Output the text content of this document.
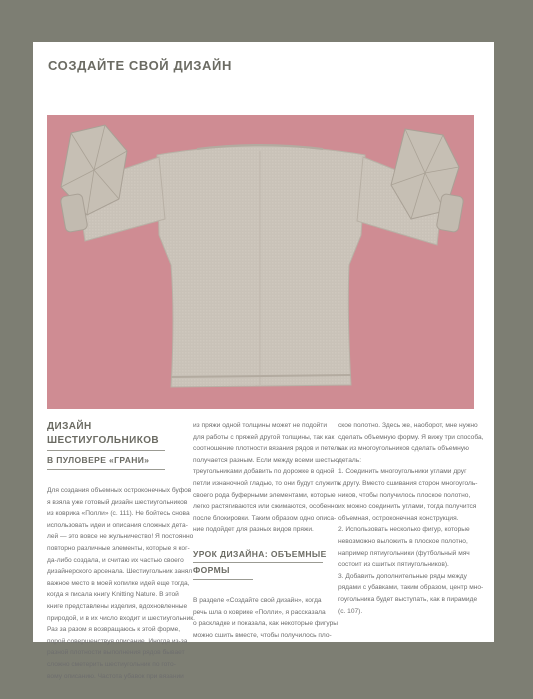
СОЗДАЙТЕ СВОЙ ДИЗАЙН
ДИЗАЙН ШЕСТИУГОЛЬНИКОВ
В ПУЛОВЕРЕ «ГРАНИ»
Для создания объемных остроконечных буфов
я взяла уже готовый дизайн шестиугольников
из коврика «Полли» (с. 111). Не бойтесь снова
использовать идеи и описания сложных дета-
лей — это вовсе не жульничество! Я постоянно
повторно различные элементы, которые я ког-
да-либо создала, и считаю их частью своего
дизайнерского арсенала. Шестиугольник занял
важное место в моей копилке идей еще тогда,
когда я писала книгу Knitting Nature. В этой
книге представлены изделия, вдохновленные
природой, и в их число входит и шестиугольник.
Раз за разом я возвращаюсь к этой форме,
порой совершенствуя описание. Иногда из-за
разной плотности выполнения рядов бывает
сложно сметерить шестиугольник по гото-
вому описанию. Частота убавок при вязании
из пряжи одной толщины может не подойти
для работы с пряжей другой толщины, так как
соотношение плотности вязания рядов и петель
получается разным. Если между всеми шестью
треугольниками добавить по дорожке в одной
петли изнаночной гладью, то они будут служить
своего рода буферными элементами, которые
легко растягиваются или сжимаются, особенно
после блокировки. Таким образом одно описа-
ние подойдет для разных видов пряжи.
УРОК ДИЗАЙНА: ОБЪЕМНЫЕ
ФОРМЫ
В разделе «Создайте свой дизайн», когда
речь шла о коврике «Полли», я рассказала
о раскладке и показала, как некоторые фигуры
можно сшить вместе, чтобы получилось пло-
ское полотно. Здесь же, наоборот, мне нужно
сделать объемную форму. Я вижу три способа,
как из многоугольников сделать объемную
деталь:
1. Соединить многоугольники углами друг
к другу. Вместо сшивания сторон многоуголь-
ников, чтобы получилось плоское полотно,
их можно соединить углами, тогда получится
объемная, остроконечная конструкция.
2. Использовать несколько фигур, которые
невозможно выложить в плоское полотно,
например пятиугольники (футбольный мяч
состоит из сшитых пятиугольников).
3. Добавить дополнительные ряды между
рядами с убавками, таким образом, центр мно-
гоугольника будет выступать, как в пирамиде
(с. 107).
